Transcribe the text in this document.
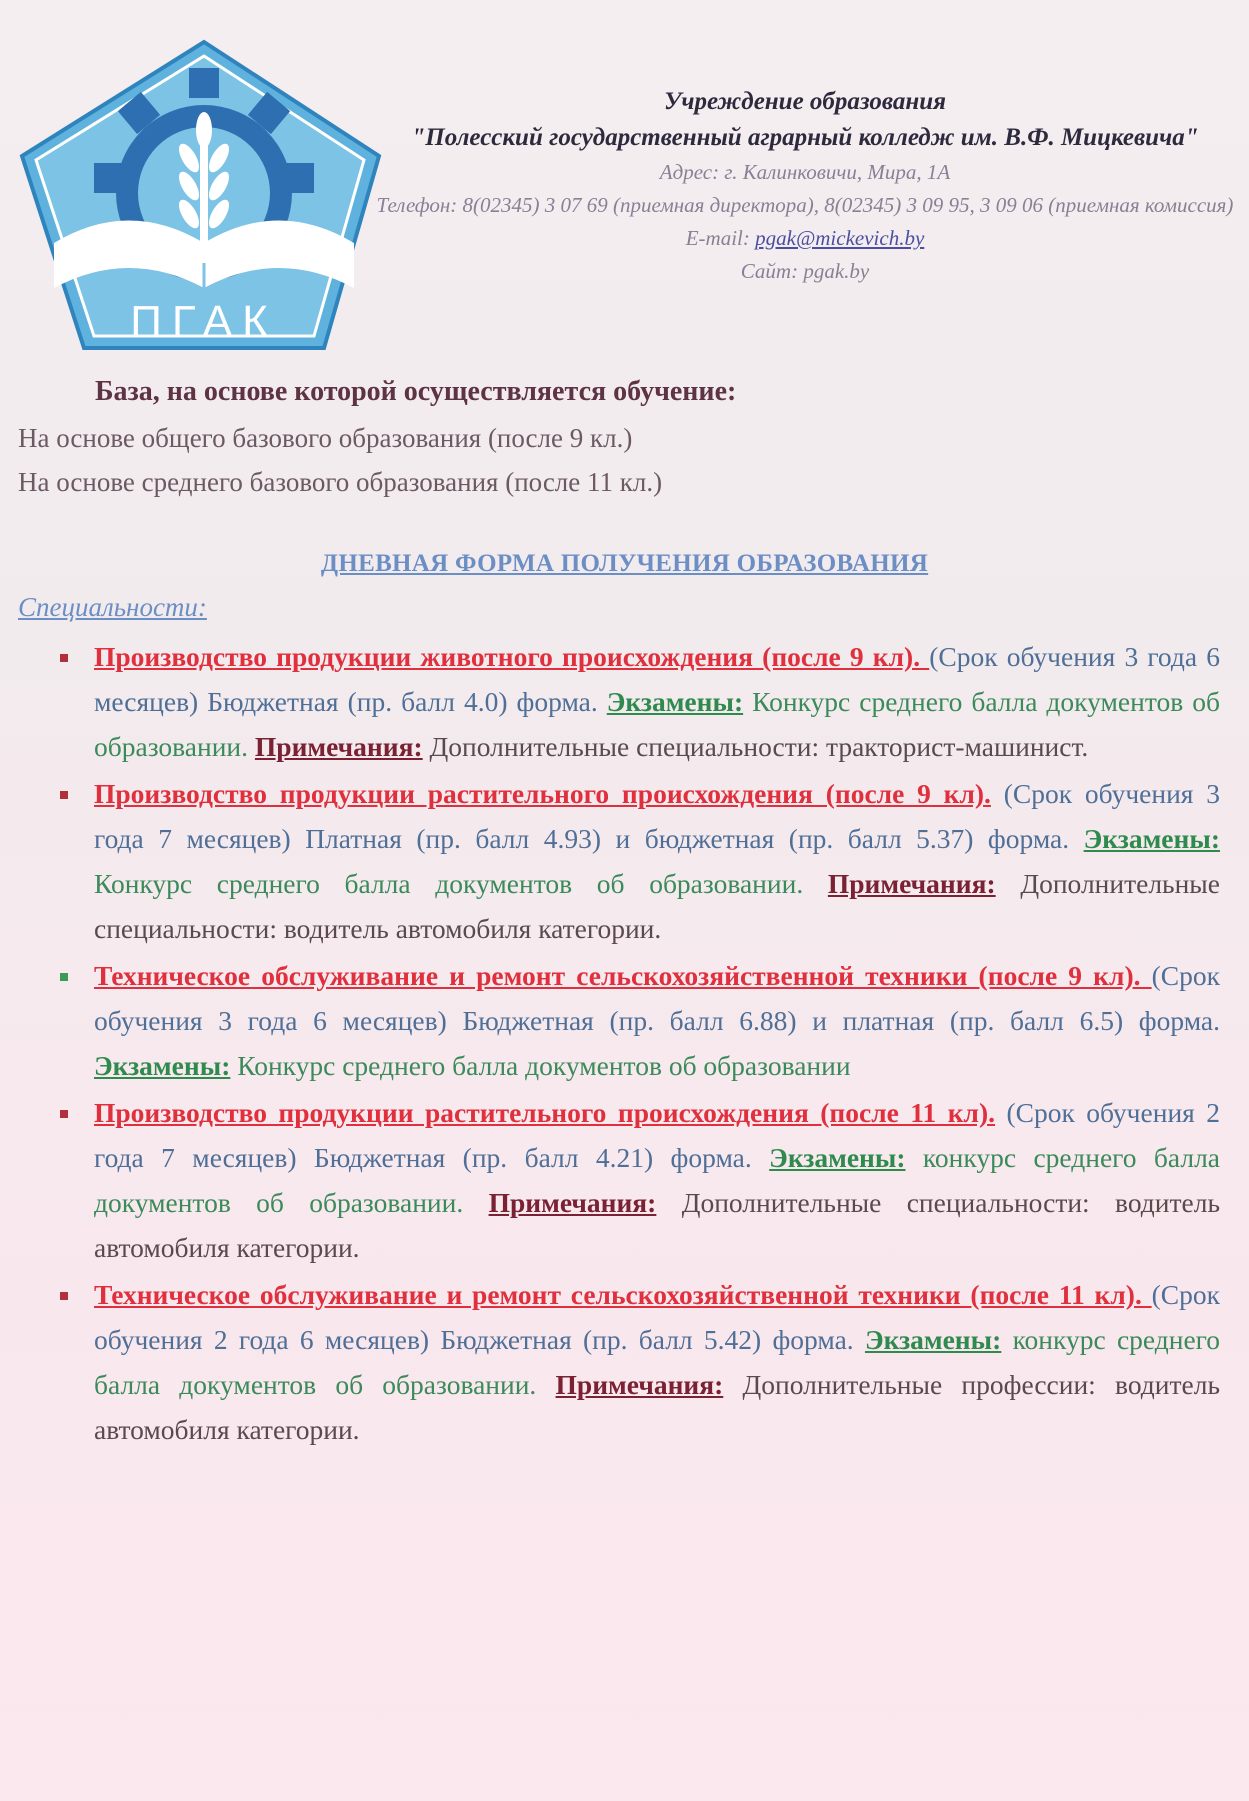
ПГАК
Учреждение образования
"Полесский государственный аграрный колледж им. В.Ф. Мицкевича"
Адрес: г. Калинковичи, Мира, 1А
Телефон: 8(02345) 3 07 69 (приемная директора), 8(02345) 3 09 95, 3 09 06 (приемная комиссия)
E-mail: pgak@mickevich.by
Сайт: pgak.by
База, на основе которой осуществляется обучение:
На основе общего базового образования (после 9 кл.)
На основе среднего базового образования (после 11 кл.)
ДНЕВНАЯ ФОРМА ПОЛУЧЕНИЯ ОБРАЗОВАНИЯ
Специальности:
Производство продукции животного происхождения (после 9 кл). (Срок обучения 3 года 6 месяцев) Бюджетная (пр. балл 4.0) форма. Экзамены: Конкурс среднего балла документов об образовании. Примечания: Дополнительные специальности: тракторист-машинист.
Производство продукции растительного происхождения (после 9 кл). (Срок обучения 3 года 7 месяцев) Платная (пр. балл 4.93) и бюджетная (пр. балл 5.37) форма. Экзамены: Конкурс среднего балла документов об образовании. Примечания: Дополнительные специальности: водитель автомобиля категории.
Техническое обслуживание и ремонт сельскохозяйственной техники (после 9 кл). (Срок обучения 3 года 6 месяцев) Бюджетная (пр. балл 6.88) и платная (пр. балл 6.5) форма. Экзамены: Конкурс среднего балла документов об образовании
Производство продукции растительного происхождения (после 11 кл). (Срок обучения 2 года 7 месяцев) Бюджетная (пр. балл 4.21) форма. Экзамены: конкурс среднего балла документов об образовании. Примечания: Дополнительные специальности: водитель автомобиля категории.
Техническое обслуживание и ремонт сельскохозяйственной техники (после 11 кл). (Срок обучения 2 года 6 месяцев) Бюджетная (пр. балл 5.42) форма. Экзамены: конкурс среднего балла документов об образовании. Примечания: Дополнительные профессии: водитель автомобиля категории.
